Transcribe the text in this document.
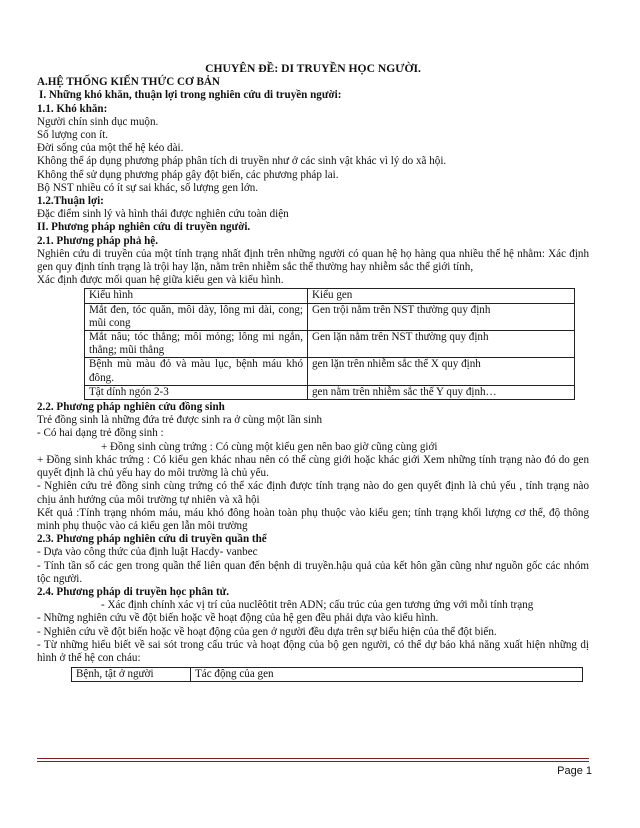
CHUYÊN ĐỀ: DI TRUYỀN HỌC NGƯỜI.
A.HỆ THỐNG KIẾN THỨC CƠ BẢN
I. Những khó khăn, thuận lợi trong nghiên cứu di truyền người:
1.1. Khó khăn:
Người chín sinh dục muộn.
Số lượng con ít.
Đời sống của một thế hệ kéo dài.
Không thể áp dụng phương pháp phân tích di truyền như ở các sinh vật khác vì lý do xã hội.
Không thể sử dụng phương pháp gây đột biến, các phương pháp lai.
Bộ NST nhiều có ít sự sai khác, số lượng gen lớn.
1.2.Thuận lợi:
Đặc điểm sinh lý và hình thái được nghiên cứu toàn diện
II. Phương pháp nghiên cứu di truyền người.
2.1. Phương pháp phả hệ.
Nghiên cứu di truyền của một tính trạng nhất định trên những người có quan hệ họ hàng qua nhiều thế hệ nhằm: Xác định gen quy định tính trạng là trội hay lặn, nằm trên nhiễm sắc thể thường hay nhiễm sắc thể giới tính,
Xác định được mối quan hệ giữa kiểu gen và kiểu hình.
Kiểu hình	Kiểu gen
Mắt đen, tóc quăn, môi dày, lông mi dài, cong; mũi cong	Gen trội nằm trên NST thường quy định
Mắt nâu; tóc thẳng; môi mỏng; lông mi ngắn, thẳng; mũi thẳng	Gen lặn nằm trên NST thường quy định
Bệnh mù màu đỏ và màu lục, bệnh máu khó đông.	gen lặn trên nhiễm sắc thể X quy định
Tật dính ngón 2-3	gen nằm trên nhiễm sắc thể Y quy định…
2.2. Phương pháp nghiên cứu đồng sinh
Trẻ đồng sinh là những đứa trẻ được sinh ra ở cùng một lần sinh
- Có hai dạng trẻ đồng sinh :
+ Đồng sinh cùng trứng : Có cùng một kiểu gen nên bao giờ cũng cùng giới
+ Đồng sinh khác trứng : Có kiểu gen khác nhau nên có thể cùng giới hoặc khác giới Xem những tính trạng nào đó do gen quyết định là chủ yếu hay do môi trường là chủ yếu.
- Nghiên cứu trẻ đồng sinh cùng trứng có thể xác định được tính trạng nào do gen quyết định là chủ yếu , tính trạng nào chịu ảnh hưởng của môi trường tự nhiên và xã hội
Kết quả :Tính trạng nhóm máu, máu khó đông hoàn toàn phụ thuộc vào kiểu gen; tính trạng khối lượng cơ thể, độ thông minh phụ thuộc vào cả kiểu gen lẫn môi trường
2.3. Phương pháp nghiên cứu di truyền quần thể
- Dựa vào công thức của định luật Hacdy- vanbec
- Tính tần số các gen trong quần thể liên quan đến bệnh di truyền.hậu quả của kết hôn gần cũng như nguồn gốc các nhóm tộc người.
2.4. Phương pháp di truyền học phân tử.
- Xác định chính xác vị trí của nuclêôtit trên ADN; cấu trúc của gen tương ứng với mỗi tính trạng
- Những nghiên cứu về đột biến hoặc về hoạt động của hệ gen đều phải dựa vào kiểu hình.
- Nghiên cứu về đột biến hoặc về hoạt động của gen ở người đều dựa trên sự biểu hiện của thể đột biến.
- Từ những hiểu biết về sai sót trong cấu trúc và hoạt động của bộ gen người, có thể dự báo khả năng xuất hiện những dị hình ở thế hệ con cháu:
Bệnh, tật ở người	Tác động của gen
Page 1
